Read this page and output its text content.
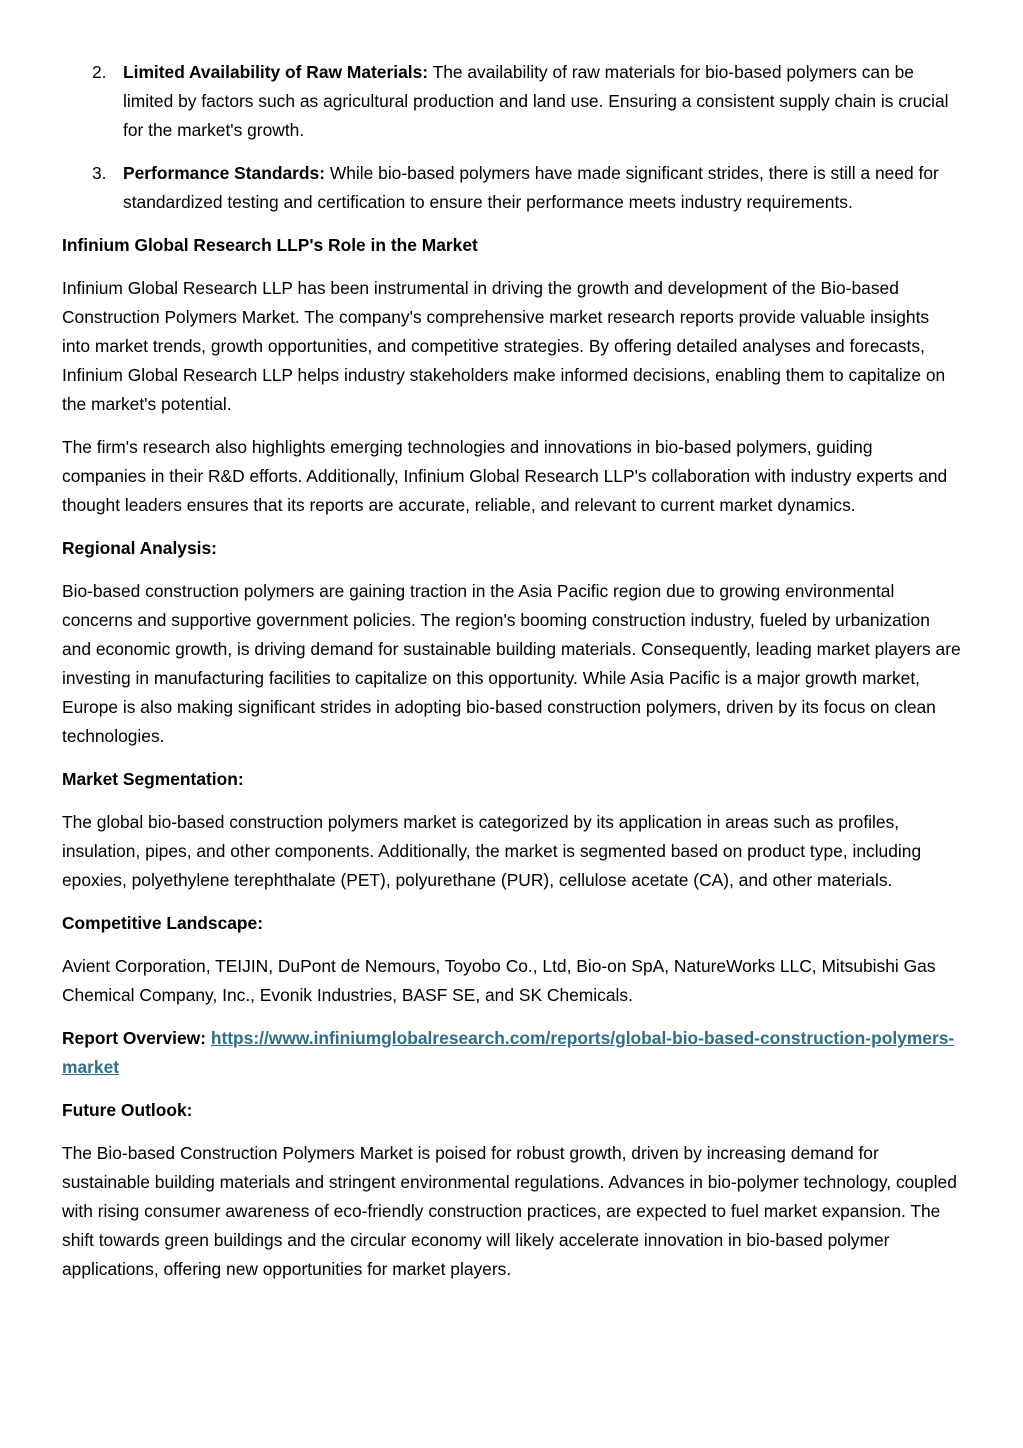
2. Limited Availability of Raw Materials: The availability of raw materials for bio-based polymers can be limited by factors such as agricultural production and land use. Ensuring a consistent supply chain is crucial for the market's growth.
3. Performance Standards: While bio-based polymers have made significant strides, there is still a need for standardized testing and certification to ensure their performance meets industry requirements.
Infinium Global Research LLP's Role in the Market

Infinium Global Research LLP has been instrumental in driving the growth and development of the Bio-based Construction Polymers Market. The company's comprehensive market research reports provide valuable insights into market trends, growth opportunities, and competitive strategies. By offering detailed analyses and forecasts, Infinium Global Research LLP helps industry stakeholders make informed decisions, enabling them to capitalize on the market's potential.

The firm's research also highlights emerging technologies and innovations in bio-based polymers, guiding companies in their R&D efforts. Additionally, Infinium Global Research LLP's collaboration with industry experts and thought leaders ensures that its reports are accurate, reliable, and relevant to current market dynamics.

Regional Analysis:

Bio-based construction polymers are gaining traction in the Asia Pacific region due to growing environmental concerns and supportive government policies. The region's booming construction industry, fueled by urbanization and economic growth, is driving demand for sustainable building materials. Consequently, leading market players are investing in manufacturing facilities to capitalize on this opportunity. While Asia Pacific is a major growth market, Europe is also making significant strides in adopting bio-based construction polymers, driven by its focus on clean technologies.

Market Segmentation:

The global bio-based construction polymers market is categorized by its application in areas such as profiles, insulation, pipes, and other components. Additionally, the market is segmented based on product type, including epoxies, polyethylene terephthalate (PET), polyurethane (PUR), cellulose acetate (CA), and other materials.

Competitive Landscape:

Avient Corporation, TEIJIN, DuPont de Nemours, Toyobo Co., Ltd, Bio-on SpA, NatureWorks LLC, Mitsubishi Gas Chemical Company, Inc., Evonik Industries, BASF SE, and SK Chemicals.

Report Overview: https://www.infiniumglobalresearch.com/reports/global-bio-based-construction-polymers-market

Future Outlook:

The Bio-based Construction Polymers Market is poised for robust growth, driven by increasing demand for sustainable building materials and stringent environmental regulations. Advances in bio-polymer technology, coupled with rising consumer awareness of eco-friendly construction practices, are expected to fuel market expansion. The shift towards green buildings and the circular economy will likely accelerate innovation in bio-based polymer applications, offering new opportunities for market players.
